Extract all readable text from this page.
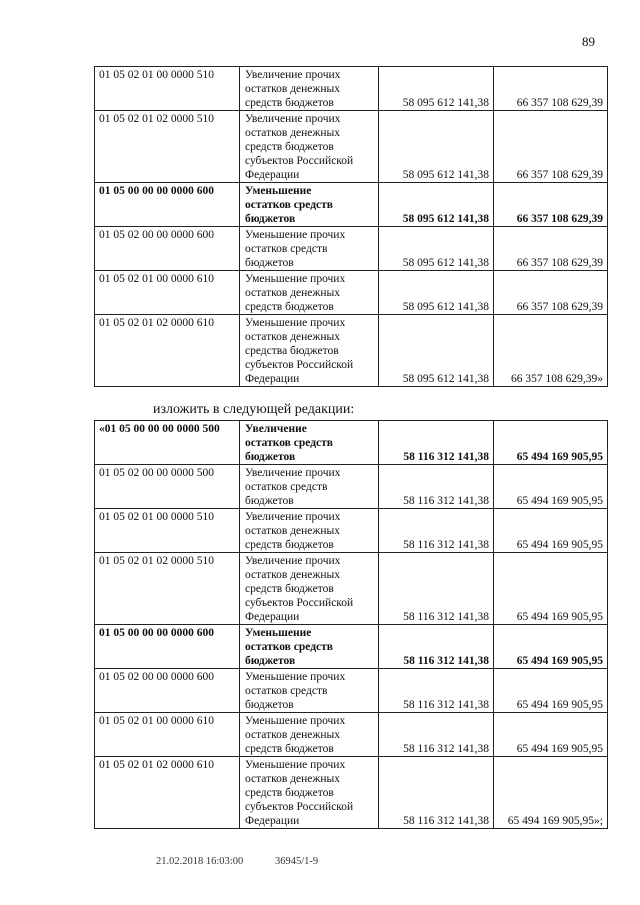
89
01 05 02 01 00 0000 510	Увеличение прочих
остатков денежных
средств бюджетов	58 095 612 141,38	66 357 108 629,39
01 05 02 01 02 0000 510	Увеличение прочих
остатков денежных
средств бюджетов
субъектов Российской
Федерации	58 095 612 141,38	66 357 108 629,39
01 05 00 00 00 0000 600	Уменьшение
остатков средств
бюджетов	58 095 612 141,38	66 357 108 629,39
01 05 02 00 00 0000 600	Уменьшение прочих
остатков средств
бюджетов	58 095 612 141,38	66 357 108 629,39
01 05 02 01 00 0000 610	Уменьшение прочих
остатков денежных
средств бюджетов	58 095 612 141,38	66 357 108 629,39
01 05 02 01 02 0000 610	Уменьшение прочих
остатков денежных
средства бюджетов
субъектов Российской
Федерации	58 095 612 141,38	66 357 108 629,39»
изложить в следующей редакции:
«01 05 00 00 00 0000 500	Увеличение
остатков средств
бюджетов	58 116 312 141,38	65 494 169 905,95
01 05 02 00 00 0000 500	Увеличение прочих
остатков средств
бюджетов	58 116 312 141,38	65 494 169 905,95
01 05 02 01 00 0000 510	Увеличение прочих
остатков денежных
средств бюджетов	58 116 312 141,38	65 494 169 905,95
01 05 02 01 02 0000 510	Увеличение прочих
остатков денежных
средств бюджетов
субъектов Российской
Федерации	58 116 312 141,38	65 494 169 905,95
01 05 00 00 00 0000 600	Уменьшение
остатков средств
бюджетов	58 116 312 141,38	65 494 169 905,95
01 05 02 00 00 0000 600	Уменьшение прочих
остатков средств
бюджетов	58 116 312 141,38	65 494 169 905,95
01 05 02 01 00 0000 610	Уменьшение прочих
остатков денежных
средств бюджетов	58 116 312 141,38	65 494 169 905,95
01 05 02 01 02 0000 610	Уменьшение прочих
остатков денежных
средств бюджетов
субъектов Российской
Федерации	58 116 312 141,38	65 494 169 905,95»;
21.02.2018 16:03:00	36945/1-9
